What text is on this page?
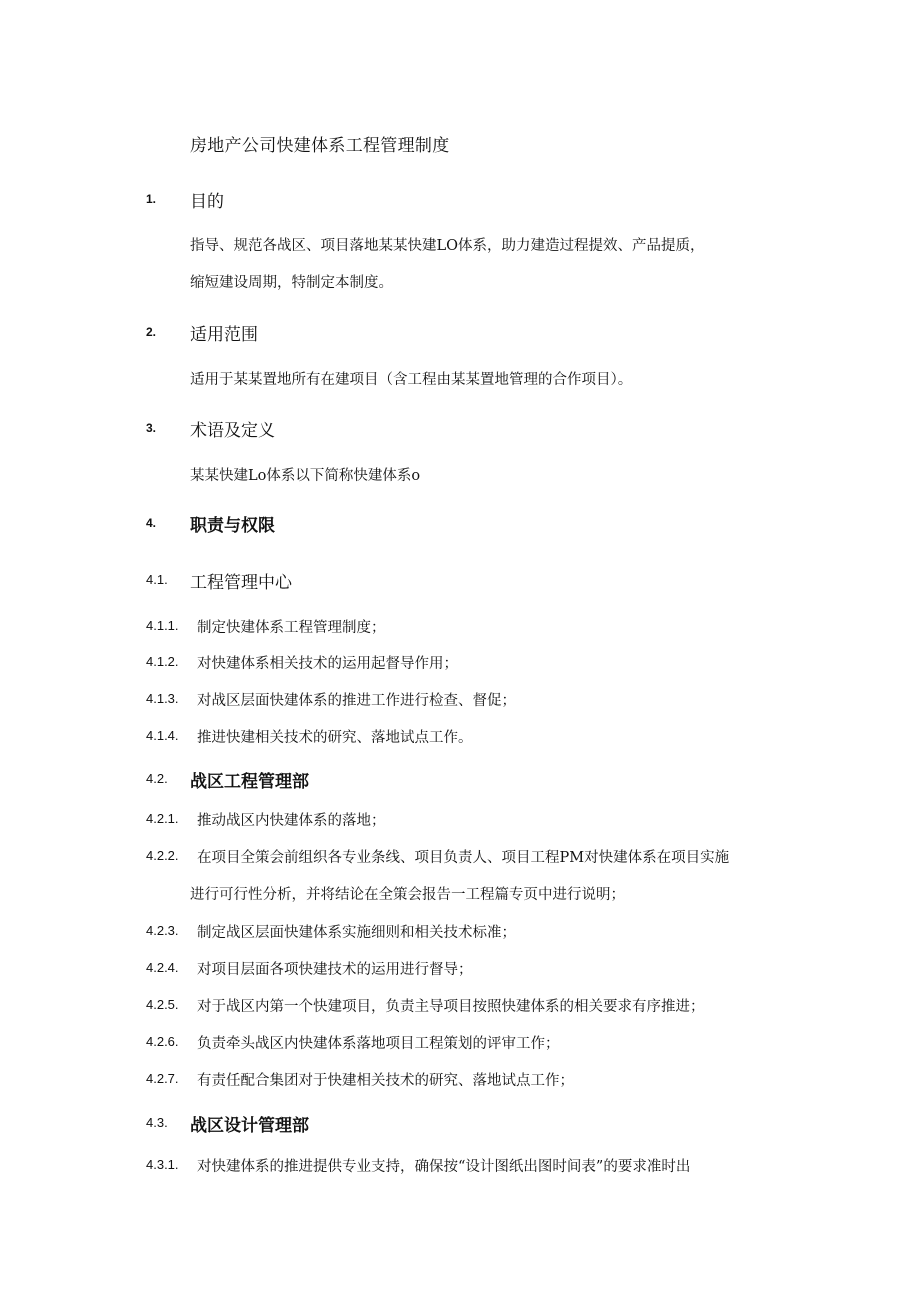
房地产公司快建体系工程管理制度
1. 目的
指导、规范各战区、项目落地某某快建LO体系，助力建造过程提效、产品提质，
缩短建设周期，特制定本制度。
2. 适用范围
适用于某某置地所有在建项目（含工程由某某置地管理的合作项目）。
3. 术语及定义
某某快建Lo体系以下简称快建体系o
4. 职责与权限
4.1. 工程管理中心
4.1.1. 制定快建体系工程管理制度；
4.1.2. 对快建体系相关技术的运用起督导作用；
4.1.3. 对战区层面快建体系的推进工作进行检查、督促；
4.1.4. 推进快建相关技术的研究、落地试点工作。
4.2. 战区工程管理部
4.2.1. 推动战区内快建体系的落地；
4.2.2. 在项目全策会前组织各专业条线、项目负责人、项目工程PM对快建体系在项目实施
进行可行性分析，并将结论在全策会报告一工程篇专页中进行说明；
4.2.3. 制定战区层面快建体系实施细则和相关技术标准；
4.2.4. 对项目层面各项快建技术的运用进行督导；
4.2.5. 对于战区内第一个快建项目，负责主导项目按照快建体系的相关要求有序推进；
4.2.6. 负责牵头战区内快建体系落地项目工程策划的评审工作；
4.2.7. 有责任配合集团对于快建相关技术的研究、落地试点工作；
4.3. 战区设计管理部
4.3.1. 对快建体系的推进提供专业支持，确保按“设计图纸出图时间表”的要求准时出
